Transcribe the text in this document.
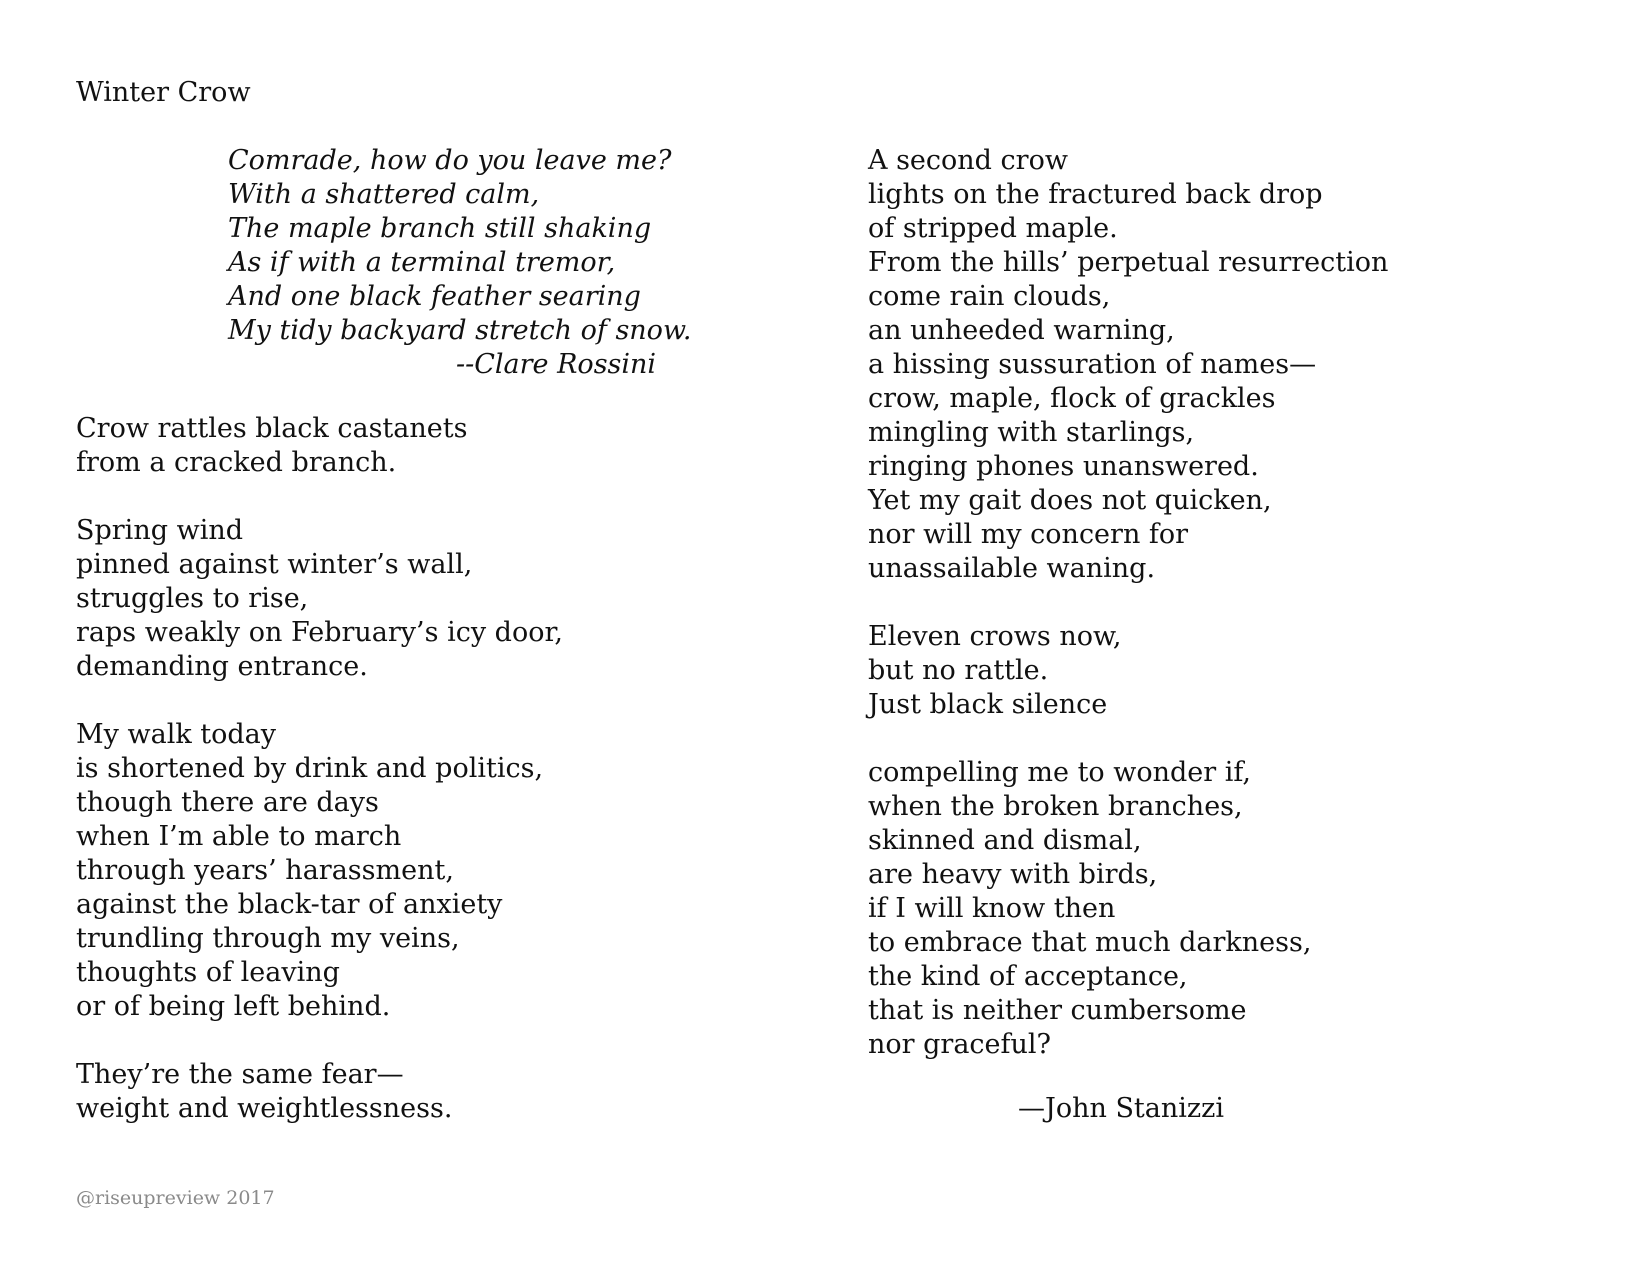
Winter Crow
Comrade, how do you leave me?
With a shattered calm,
The maple branch still shaking
As if with a terminal tremor,
And one black feather searing
My tidy backyard stretch of snow.
--Clare Rossini
Crow rattles black castanets
from a cracked branch.
Spring wind
pinned against winter’s wall,
struggles to rise,
raps weakly on February’s icy door,
demanding entrance.
My walk today
is shortened by drink and politics,
though there are days
when I’m able to march
through years’ harassment,
against the black-tar of anxiety
trundling through my veins,
thoughts of leaving
or of being left behind.
They’re the same fear—
weight and weightlessness.
A second crow
lights on the fractured back drop
of stripped maple.
From the hills’ perpetual resurrection
come rain clouds,
an unheeded warning,
a hissing sussuration of names—
crow, maple, flock of grackles
mingling with starlings,
ringing phones unanswered.
Yet my gait does not quicken,
nor will my concern for
unassailable waning.
Eleven crows now,
but no rattle.
Just black silence
compelling me to wonder if,
when the broken branches,
skinned and dismal,
are heavy with birds,
if I will know then
to embrace that much darkness,
the kind of acceptance,
that is neither cumbersome
nor graceful?
—John Stanizzi
@riseupreview 2017
